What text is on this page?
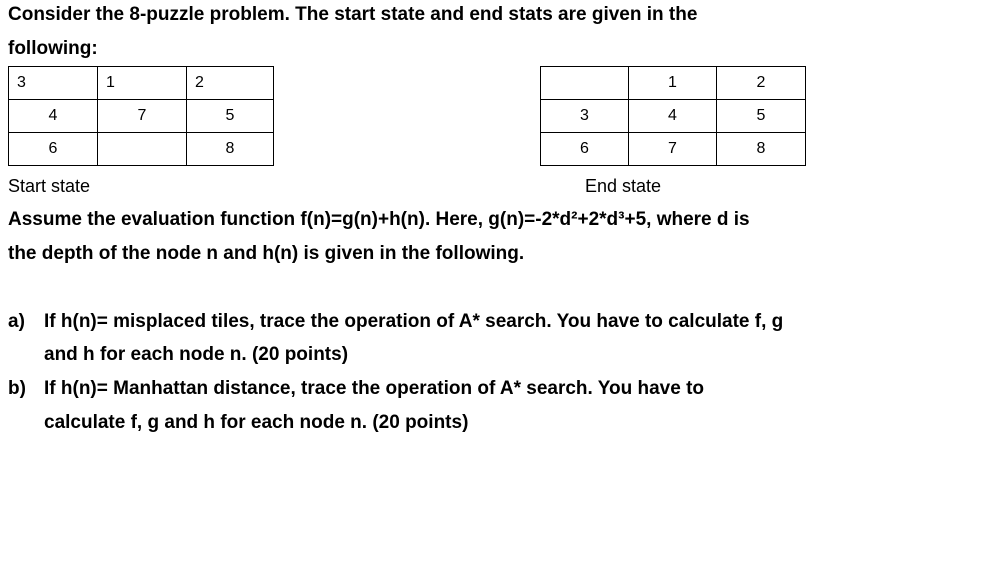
Consider the 8-puzzle problem. The start state and end stats are given in the
following:
3	1	2
4	7	5
6		8
	1	2
3	4	5
6	7	8
Start state	End state
Assume the evaluation function f(n)=g(n)+h(n). Here, g(n)=-2*d²+2*d³+5, where d is
the depth of the node n and h(n) is given in the following.
a) If h(n)= misplaced tiles, trace the operation of A* search. You have to calculate f, g
and h for each node n. (20 points)
b) If h(n)= Manhattan distance, trace the operation of A* search. You have to
calculate f, g and h for each node n. (20 points)
